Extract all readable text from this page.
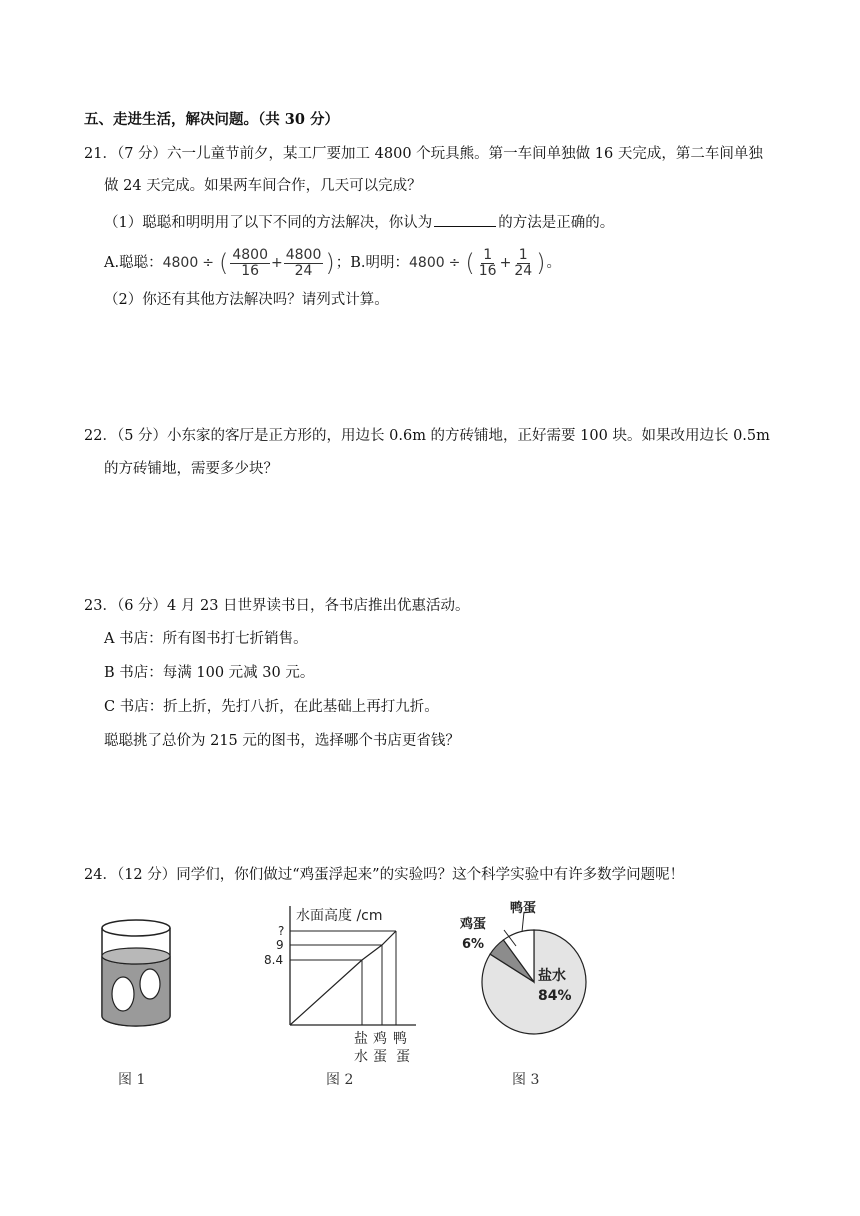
五、走进生活，解决问题。（共 30 分）
21．（7 分）六一儿童节前夕，某工厂要加工 4800 个玩具熊。第一车间单独做 16 天完成，第二车间单独
做 24 天完成。如果两车间合作，几天可以完成？
（1）聪聪和明明用了以下不同的方法解决，你认为	的方法是正确的。
A.聪聪： 4800 ÷ ( $\frac{4800}{16} + \frac{4800}{24}$ ) ； B.明明： 4800 ÷ ( $\frac{1}{16} + \frac{1}{24}$ ) 。
（2）你还有其他方法解决吗？请列式计算。
22．（5 分）小东家的客厅是正方形的，用边长 0.6m 的方砖铺地，正好需要 100 块。如果改用边长 0.5m
的方砖铺地，需要多少块？
23．（6 分）4 月 23 日世界读书日，各书店推出优惠活动。
A 书店：所有图书打七折销售。
B 书店：每满 100 元减 30 元。
C 书店：折上折，先打八折，在此基础上再打九折。
聪聪挑了总价为 215 元的图书，选择哪个书店更省钱？
24．（12 分）同学们，你们做过“鸡蛋浮起来”的实验吗？这个科学实验中有许多数学问题呢！
图 1
水面高度 /cm
?
9
8.4
盐
水
鸡
蛋
鸭
蛋
图 2
鸭蛋
鸡蛋
6%
盐水
84%
图 3
